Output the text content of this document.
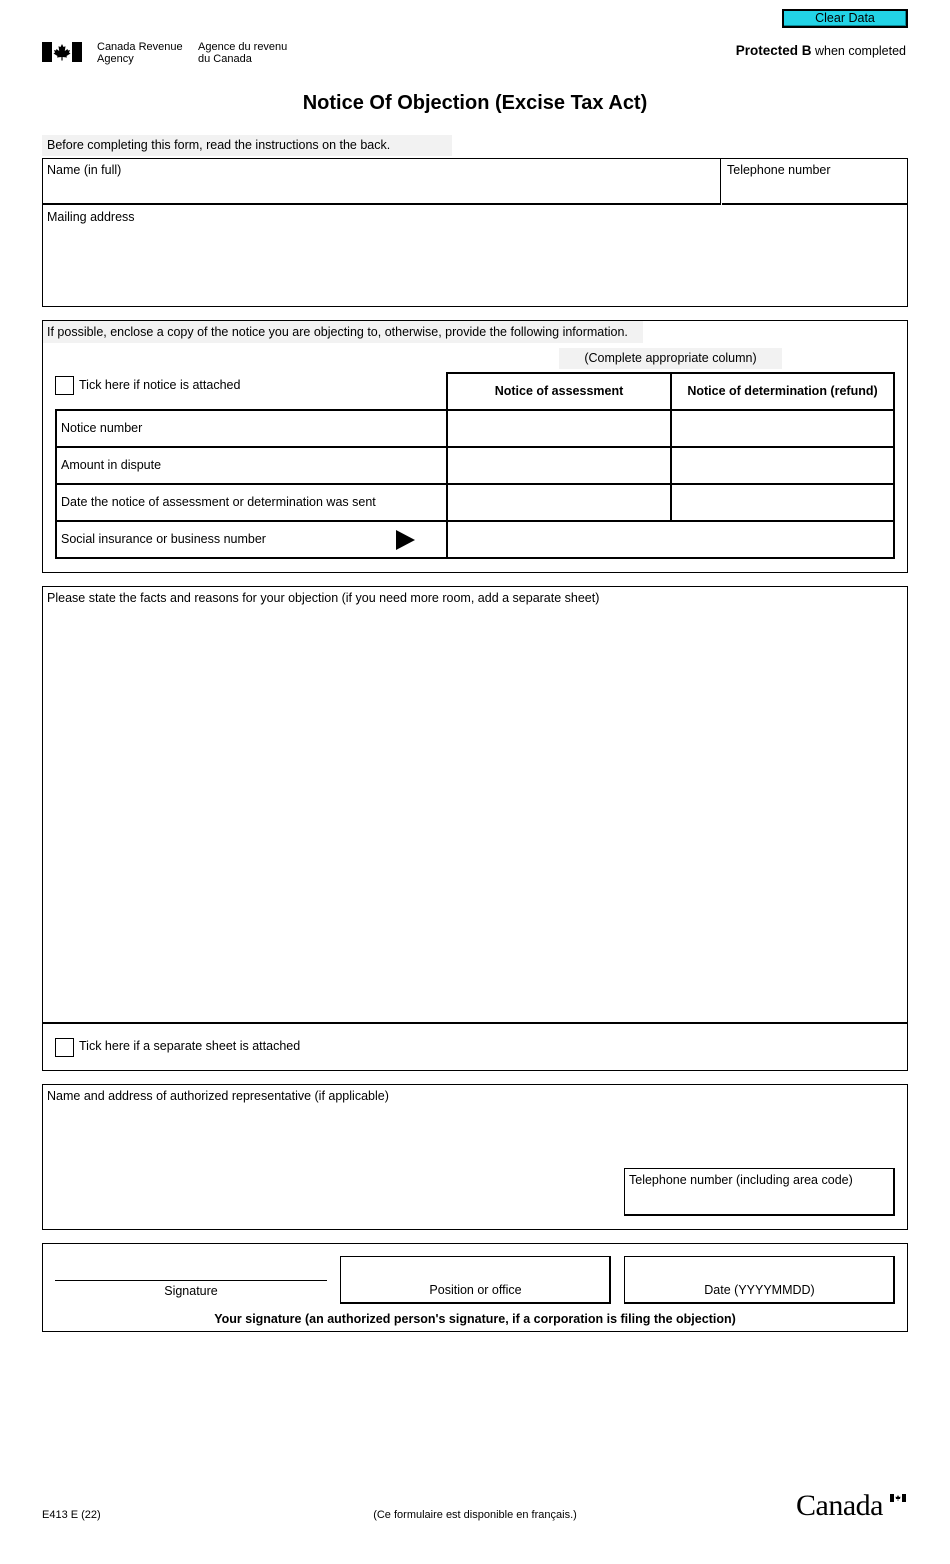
Clear Data
Canada Revenue
Agency
Agence du revenu
du Canada
Protected B when completed
Notice Of Objection (Excise Tax Act)
Before completing this form, read the instructions on the back.
Name (in full)	Telephone number
Mailing address
If possible, enclose a copy of the notice you are objecting to, otherwise, provide the following information.
(Complete appropriate column)
Tick here if notice is attached	Notice of assessment	Notice of determination (refund)
Notice number
Amount in dispute
Date the notice of assessment or determination was sent
Social insurance or business number
Please state the facts and reasons for your objection (if you need more room, add a separate sheet)
Tick here if a separate sheet is attached
Name and address of authorized representative (if applicable)
Telephone number (including area code)
Signature	Position or office	Date (YYYYMMDD)
Your signature (an authorized person's signature, if a corporation is filing the objection)
E413 E (22)	(Ce formulaire est disponible en français.)	Canada
